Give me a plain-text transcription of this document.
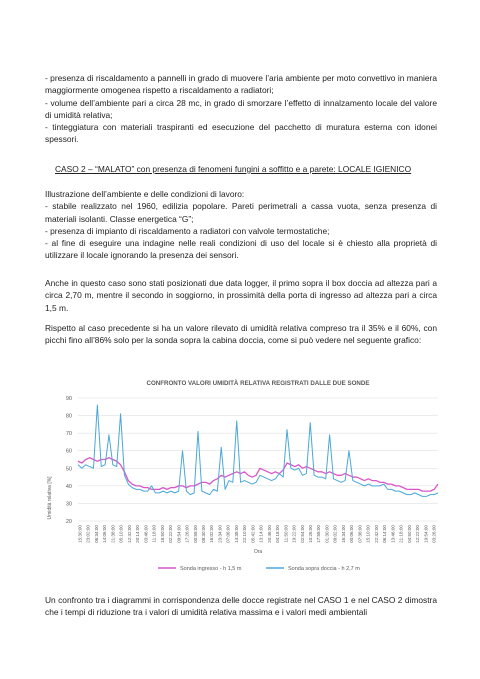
- presenza di riscaldamento a pannelli in grado di muovere l’aria ambiente per moto convettivo in maniera maggiormente omogenea rispetto a riscaldamento a radiatori;
- volume dell’ambiente pari a circa 28 mc, in grado di smorzare l’effetto di innalzamento locale del valore di umidità relativa;
- tinteggiatura con materiali traspiranti ed esecuzione del pacchetto di muratura esterna con idonei spessori.

CASO 2 – “MALATO” con presenza di fenomeni fungini a soffitto e a parete: LOCALE IGIENICO

Illustrazione dell’ambiente e delle condizioni di lavoro:
- stabile realizzato nel 1960, edilizia popolare. Pareti perimetrali a cassa vuota, senza presenza di materiali isolanti. Classe energetica “G”;
- presenza di impianto di riscaldamento a radiatori con valvole termostatiche;
- al fine di eseguire una indagine nelle reali condizioni di uso del locale si è chiesto alla proprietà di utilizzare il locale ignorando la presenza dei sensori.

Anche in questo caso sono stati posizionati due data logger, il primo sopra il box doccia ad altezza pari a circa 2,70 m, mentre il secondo in soggiorno, in prossimità della porta di ingresso ad altezza pari a circa 1,5 m.

Rispetto al caso precedente si ha un valore rilevato di umidità relativa compreso tra il 35% e il 60%, con picchi fino all’86% solo per la sonda sopra la cabina doccia, come si può vedere nel seguente grafico:

CONFRONTO VALORI UMIDITÀ RELATIVA REGISTRATI DALLE DUE SONDE
20
30
40
50
60
70
80
90
Umidità relativa [%]
15:30:00 23:02:00 06:34:00 14:06:00 21:38:00 05:10:00 12:42:00 20:14:00 03:46:00 11:18:00 18:50:00 02:22:00 09:54:00 17:26:00 00:58:00 08:30:00 16:02:00 23:34:00 07:06:00 14:38:00 22:10:00 05:42:00 13:14:00 20:46:00 04:18:00 11:50:00 19:22:00 02:54:00 10:26:00 17:58:00 01:30:00 09:02:00 16:34:00 00:06:00 07:38:00 15:10:00 22:42:00 06:14:00 13:46:00 21:18:00 04:50:00 12:22:00 19:54:00 03:26:00
Ora
Sonda ingresso - h 1,5 m	Sonda sopra doccia - h 2,7 m

Un confronto tra i diagrammi in corrispondenza delle docce registrate nel CASO 1 e nel CASO 2 dimostra che i tempi di riduzione tra i valori di umidità relativa massima e i valori medi ambientali
